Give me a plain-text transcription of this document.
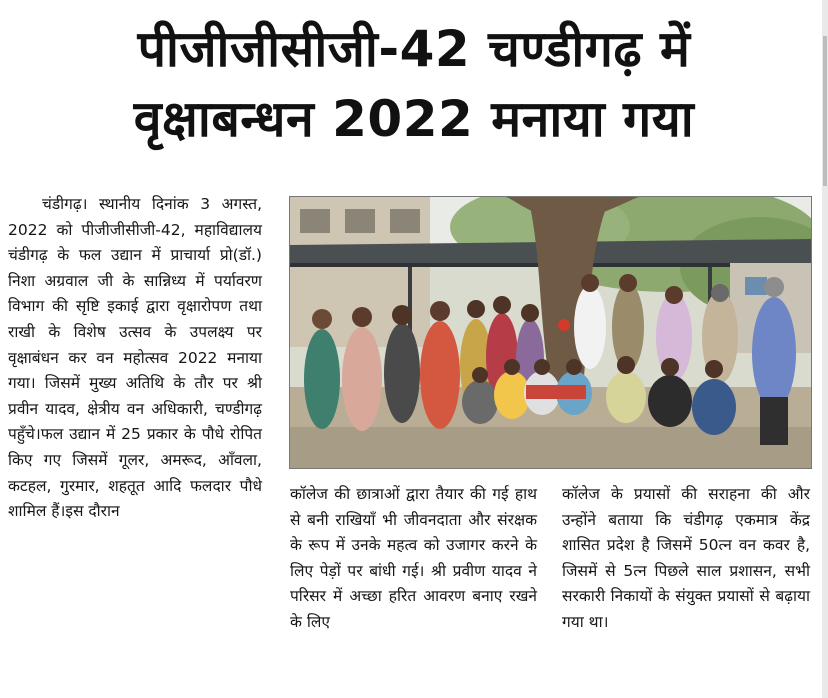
पीजीजीसीजी-42 चण्डीगढ़ में
वृक्षाबन्धन 2022 मनाया गया
चंडीगढ़। स्थानीय दिनांक 3 अगस्त, 2022 को पीजीजीसीजी-42, महाविद्यालय चंडीगढ़ के फल उद्यान में प्राचार्या प्रो(डॉ.) निशा अग्रवाल जी के सान्निध्य में पर्यावरण विभाग की सृष्टि इकाई द्वारा वृक्षारोपण तथा राखी के विशेष उत्सव के उपलक्ष्य पर वृक्षाबंधन कर वन महोत्सव 2022 मनाया गया। जिसमें मुख्य अतिथि के तौर पर श्री प्रवीन यादव, क्षेत्रीय वन अधिकारी, चण्डीगढ़ पहुँचे।फल उद्यान में 25 प्रकार के पौधे रोपित किए गए जिसमें गूलर, अमरूद, आँवला, कटहल, गुरमार, शहतूत आदि फलदार पौधे शामिल हैं।इस दौरान
कॉलेज की छात्राओं द्वारा तैयार की गई हाथ से बनी राखियाँ भी जीवनदाता और संरक्षक के रूप में उनके महत्व को उजागर करने के लिए पेड़ों पर बांधी गई। श्री प्रवीण यादव ने परिसर में अच्छा हरित आवरण बनाए रखने के लिए
कॉलेज के प्रयासों की सराहना की और उन्होंने बताया कि चंडीगढ़ एकमात्र केंद्र शासित प्रदेश है जिसमें 50त्न वन कवर है, जिसमें से 5त्न पिछले साल प्रशासन, सभी सरकारी निकायों के संयुक्त प्रयासों से बढ़ाया गया था।
